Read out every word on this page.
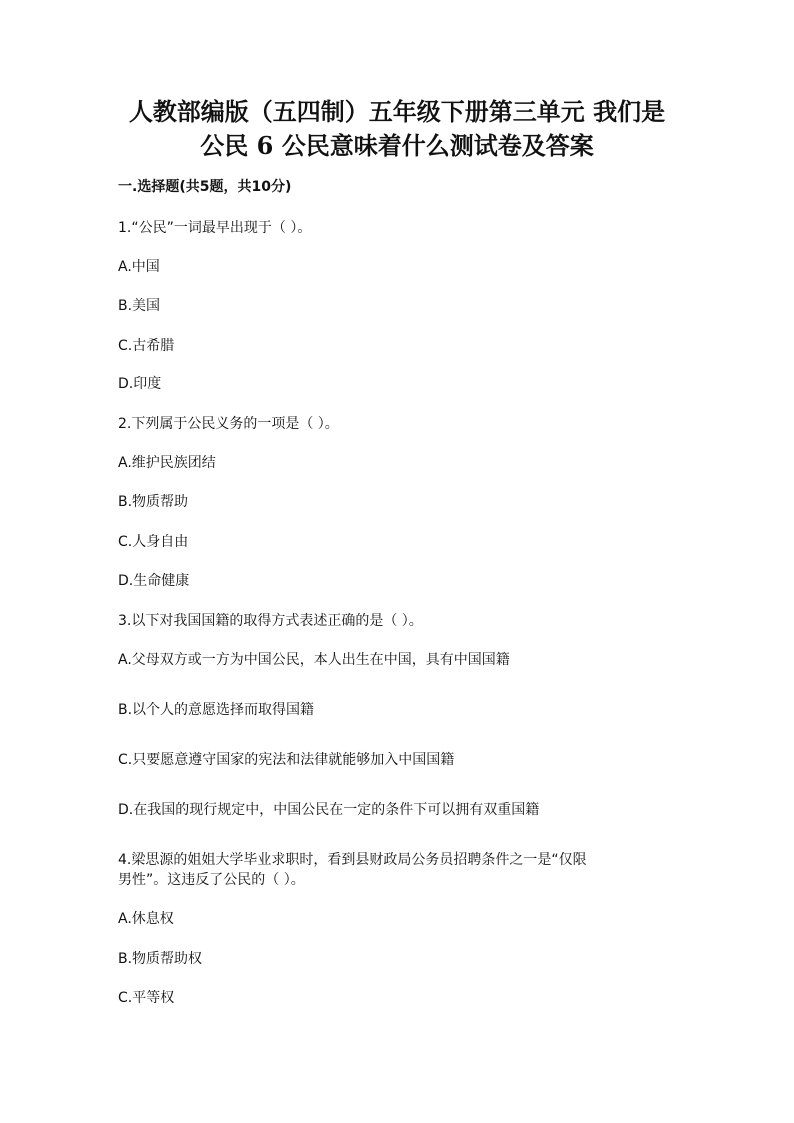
人教部编版（五四制）五年级下册第三单元 我们是
公民 6 公民意味着什么测试卷及答案
一.选择题(共5题，共10分)
1.“公民”一词最早出现于（ ）。
A.中国
B.美国
C.古希腊
D.印度
2.下列属于公民义务的一项是（ ）。
A.维护民族团结
B.物质帮助
C.人身自由
D.生命健康
3.以下对我国国籍的取得方式表述正确的是（ ）。
A.父母双方或一方为中国公民，本人出生在中国，具有中国国籍
B.以个人的意愿选择而取得国籍
C.只要愿意遵守国家的宪法和法律就能够加入中国国籍
D.在我国的现行规定中，中国公民在一定的条件下可以拥有双重国籍
4.梁思源的姐姐大学毕业求职时，看到县财政局公务员招聘条件之一是“仅限
男性”。这违反了公民的（ ）。
A.休息权
B.物质帮助权
C.平等权
